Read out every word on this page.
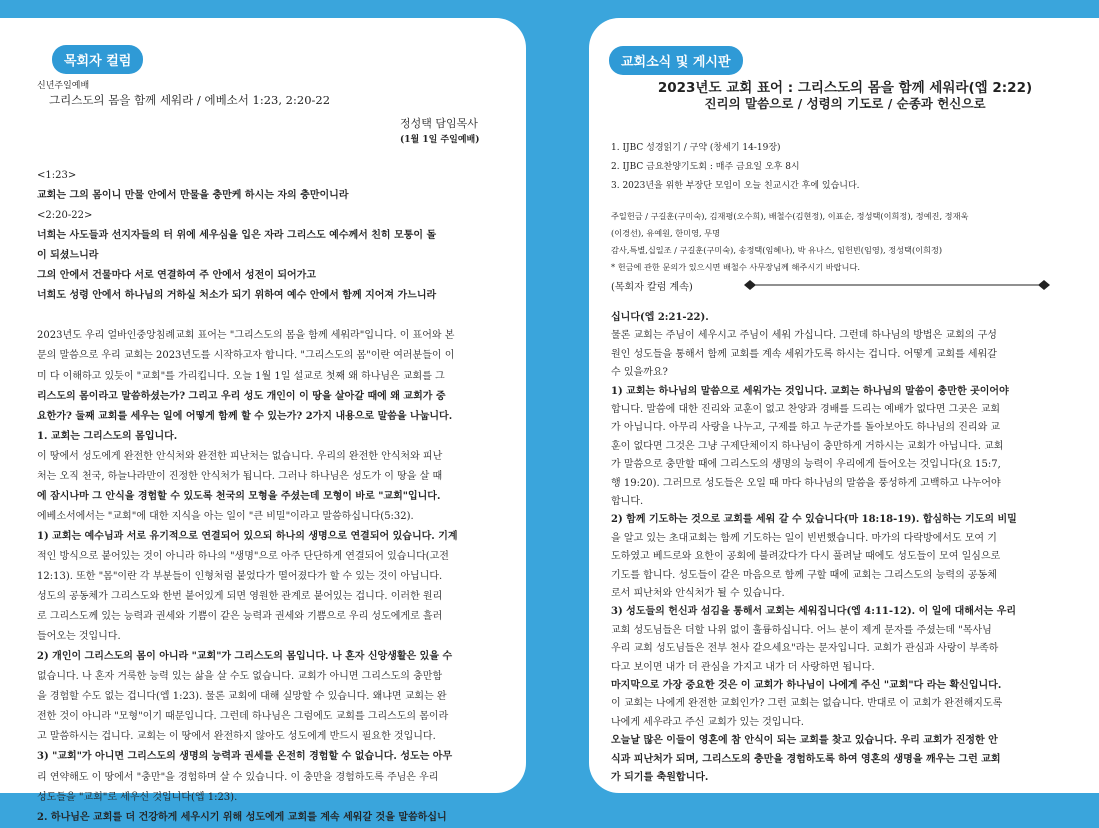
목회자 컬럼
신년주일예배
그리스도의 몸을 함께 세워라 / 에베소서 1:23, 2:20-22
정성택 담임목사
(1월 1일 주일예배)
<1:23>
교회는 그의 몸이니 만물 안에서 만물을 충만케 하시는 자의 충만이니라
<2:20-22>
너희는 사도들과 선지자들의 터 위에 세우심을 입은 자라 그리스도 예수께서 친히 모퉁이 돌
이 되셨느니라
그의 안에서 건물마다 서로 연결하여 주 안에서 성전이 되어가고
너희도 성령 안에서 하나님의 거하실 처소가 되기 위하여 예수 안에서 함께 지어져 가느니라
2023년도 우리 얼바인중앙침례교회 표어는 "그리스도의 몸을 함께 세워라"입니다. 이 표어와 본
문의 말씀으로 우리 교회는 2023년도를 시작하고자 합니다. "그리스도의 몸"이란 여러분들이 이
미 다 이해하고 있듯이 "교회"를 가리킵니다. 오늘 1월 1일 설교로 첫째 왜 하나님은 교회를 그
리스도의 몸이라고 말씀하셨는가? 그리고 우리 성도 개인이 이 땅을 살아갈 때에 왜 교회가 중
요한가? 둘째 교회를 세우는 일에 어떻게 함께 할 수 있는가? 2가지 내용으로 말씀을 나눕니다.
1. 교회는 그리스도의 몸입니다.
이 땅에서 성도에게 완전한 안식처와 완전한 피난처는 없습니다. 우리의 완전한 안식처와 피난
처는 오직 천국, 하늘나라만이 진정한 안식처가 됩니다. 그러나 하나님은 성도가 이 땅을 살 때
에 잠시나마 그 안식을 경험할 수 있도록 천국의 모형을 주셨는데 모형이 바로 "교회"입니다.
에베소서에서는 "교회"에 대한 지식을 아는 일이 "큰 비밀"이라고 말씀하십니다(5:32).
1) 교회는 예수님과 서로 유기적으로 연결되어 있으되 하나의 생명으로 연결되어 있습니다. 기계
적인 방식으로 붙어있는 것이 아니라 하나의 "생명"으로 아주 단단하게 연결되어 있습니다(고전
12:13). 또한 "몸"이란 각 부분들이 인형처럼 붙었다가 떨어졌다가 할 수 있는 것이 아닙니다.
성도의 공동체가 그리스도와 한번 붙어있게 되면 영원한 관계로 붙어있는 겁니다. 이러한 원리
로 그리스도께 있는 능력과 권세와 기쁨이 같은 능력과 권세와 기쁨으로 우리 성도에게로 흘러
들어오는 것입니다.
2) 개인이 그리스도의 몸이 아니라 "교회"가 그리스도의 몸입니다. 나 혼자 신앙생활은 있을 수
없습니다. 나 혼자 거룩한 능력 있는 삶을 살 수도 없습니다. 교회가 아니면 그리스도의 충만함
을 경험할 수도 없는 겁니다(엡 1:23). 물론 교회에 대해 실망할 수 있습니다. 왜냐면 교회는 완
전한 것이 아니라 "모형"이기 때문입니다. 그런데 하나님은 그럼에도 교회를 그리스도의 몸이라
고 말씀하시는 겁니다. 교회는 이 땅에서 완전하지 않아도 성도에게 반드시 필요한 것입니다.
3) "교회"가 아니면 그리스도의 생명의 능력과 권세를 온전히 경험할 수 없습니다. 성도는 아무
리 연약해도 이 땅에서 "충만"을 경험하며 살 수 있습니다. 이 충만을 경험하도록 주님은 우리
성도들을 "교회"로 세우신 것입니다(엡 1:23).
2. 하나님은 교회를 더 건강하게 세우시기 위해 성도에게 교회를 계속 세워갈 것을 말씀하십니
교회소식 및 게시판
2023년도 교회 표어 : 그리스도의 몸을 함께 세워라(엡 2:22)
진리의 말씀으로 / 성령의 기도로 / 순종과 헌신으로
1. IJBC 성경읽기 / 구약 (창세기 14-19장)
2. IJBC 금요찬양기도회 : 매주 금요일 오후 8시
3. 2023년을 위한 부장단 모임이 오늘 친교시간 후에 있습니다.
주일헌금 / 구길훈(구미숙), 김재평(오수희), 배철수(김현정), 이표순, 정성택(이희정), 정예진, 정재욱
(이경선), 유예원, 한미영, 무명
감사,특별,십일조 / 구길훈(구미숙), 송정택(임혜나), 박 유나스, 임헌빈(임영), 정성택(이희정)
* 헌금에 관한 문의가 있으시면 배철수 사무장님께 해주시기 바랍니다.
(목회자 칼럼 계속)
십니다(엡 2:21-22).
물론 교회는 주님이 세우시고 주님이 세워 가십니다. 그런데 하나님의 방법은 교회의 구성
원인 성도들을 통해서 함께 교회를 계속 세워가도록 하시는 겁니다. 어떻게 교회를 세워갈
수 있을까요?
1) 교회는 하나님의 말씀으로 세워가는 것입니다. 교회는 하나님의 말씀이 충만한 곳이어야
합니다. 말씀에 대한 진리와 교훈이 없고 찬양과 경배를 드리는 예배가 없다면 그곳은 교회
가 아닙니다. 아무리 사랑을 나누고, 구제를 하고 누군가를 돌아보아도 하나님의 진리와 교
훈이 없다면 그것은 그냥 구제단체이지 하나님이 충만하게 거하시는 교회가 아닙니다. 교회
가 말씀으로 충만할 때에 그리스도의 생명의 능력이 우리에게 들어오는 것입니다(요 15:7,
행 19:20). 그러므로 성도들은 오일 때 마다 하나님의 말씀을 풍성하게 고백하고 나누어야
합니다.
2) 함께 기도하는 것으로 교회를 세워 갈 수 있습니다(마 18:18-19). 합심하는 기도의 비밀
을 알고 있는 초대교회는 함께 기도하는 일이 빈번했습니다. 마가의 다락방에서도 모여 기
도하였고 베드로와 요한이 공회에 불려갔다가 다시 풀려날 때에도 성도들이 모여 일심으로
기도를 합니다. 성도들이 같은 마음으로 함께 구할 때에 교회는 그리스도의 능력의 공동체
로서 피난처와 안식처가 될 수 있습니다.
3) 성도들의 헌신과 섬김을 통해서 교회는 세워집니다(엡 4:11-12). 이 일에 대해서는 우리
교회 성도님들은 더할 나위 없이 훌륭하십니다. 어느 분이 제게 문자를 주셨는데 "목사님
우리 교회 성도님들은 전부 천사 같으세요"라는 문자입니다. 교회가 관심과 사랑이 부족하
다고 보이면 내가 더 관심을 가지고 내가 더 사랑하면 됩니다.
마지막으로 가장 중요한 것은 이 교회가 하나님이 나에게 주신 "교회"다 라는 확신입니다.
이 교회는 나에게 완전한 교회인가? 그런 교회는 없습니다. 반대로 이 교회가 완전해지도록
나에게 세우라고 주신 교회가 있는 것입니다.
오늘날 많은 이들이 영혼에 참 안식이 되는 교회를 찾고 있습니다. 우리 교회가 진정한 안
식과 피난처가 되며, 그리스도의 충만을 경험하도록 하여 영혼의 생명을 깨우는 그런 교회
가 되기를 축원합니다.
